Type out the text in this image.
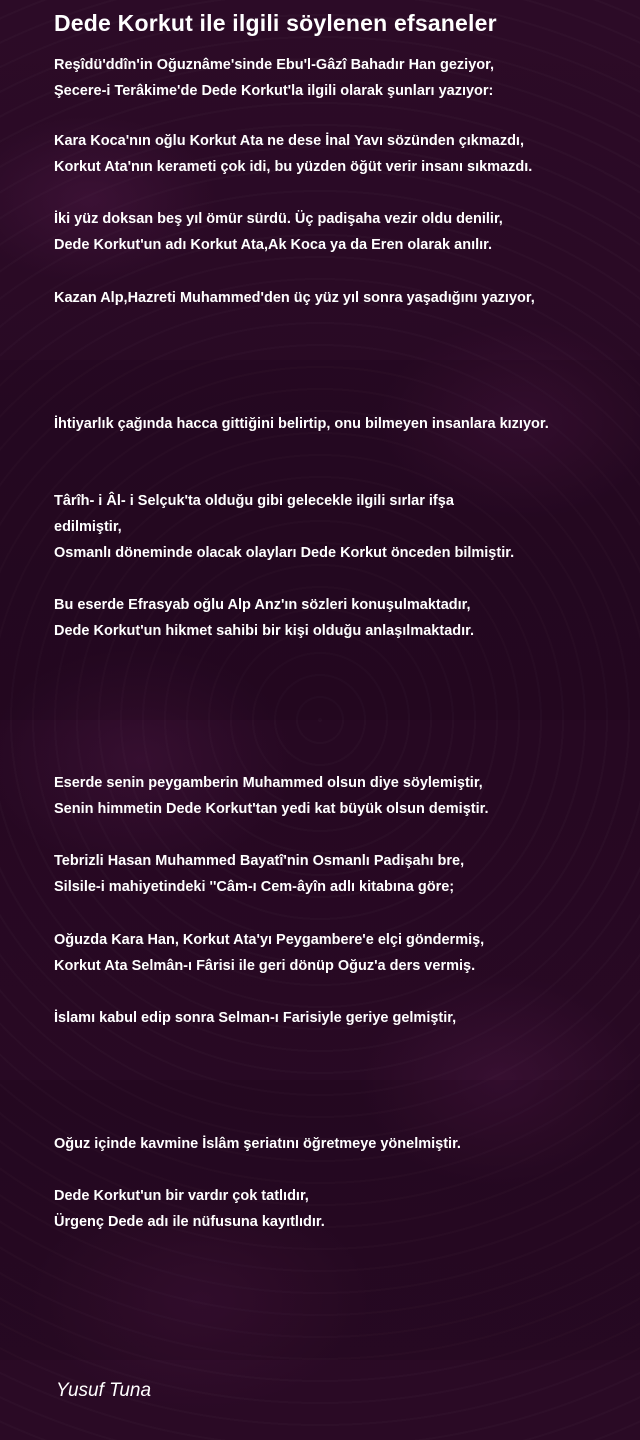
Dede Korkut ile ilgili söylenen efsaneler
Reşîdü'ddîn'in Oğuznâme'sinde Ebu'l-Gâzî Bahadır Han geziyor,
Şecere-i Terâkime'de Dede Korkut'la ilgili olarak şunları yazıyor:
Kara Koca'nın oğlu Korkut Ata ne dese İnal Yavı sözünden çıkmazdı,
Korkut Ata'nın kerameti çok idi, bu yüzden öğüt verir insanı sıkmazdı.
İki yüz doksan beş yıl ömür sürdü. Üç padişaha vezir oldu denilir,
Dede Korkut'un adı Korkut Ata,Ak Koca ya da Eren olarak anılır.
Kazan Alp,Hazreti Muhammed'den üç yüz yıl sonra yaşadığını yazıyor,
İhtiyarlık çağında hacca gittiğini belirtip, onu bilmeyen insanlara kızıyor.
Târîh- i Âl- i Selçuk'ta olduğu gibi gelecekle ilgili sırlar ifşa edilmiştir,
Osmanlı döneminde olacak olayları Dede Korkut önceden bilmiştir.
Bu eserde Efrasyab oğlu Alp Anz'ın sözleri konuşulmaktadır,
Dede Korkut'un hikmet sahibi bir kişi olduğu anlaşılmaktadır.
Eserde senin peygamberin Muhammed olsun diye söylemiştir,
Senin himmetin Dede Korkut'tan yedi kat büyük olsun demiştir.
Tebrizli Hasan Muhammed Bayatî'nin Osmanlı Padişahı bre,
Silsile-i mahiyetindeki ''Câm-ı Cem-âyîn adlı kitabına göre;
Oğuzda Kara Han, Korkut Ata'yı Peygambere'e elçi göndermiş,
Korkut Ata Selmân-ı Fârisi ile geri dönüp Oğuz'a ders vermiş.
İslamı kabul edip sonra Selman-ı Farisiyle geriye gelmiştir,
Oğuz içinde kavmine İslâm şeriatını öğretmeye yönelmiştir.
Dede Korkut'un bir vardır çok tatlıdır,
Ürgenç Dede adı ile nüfusuna kayıtlıdır.

Yusuf Tuna
